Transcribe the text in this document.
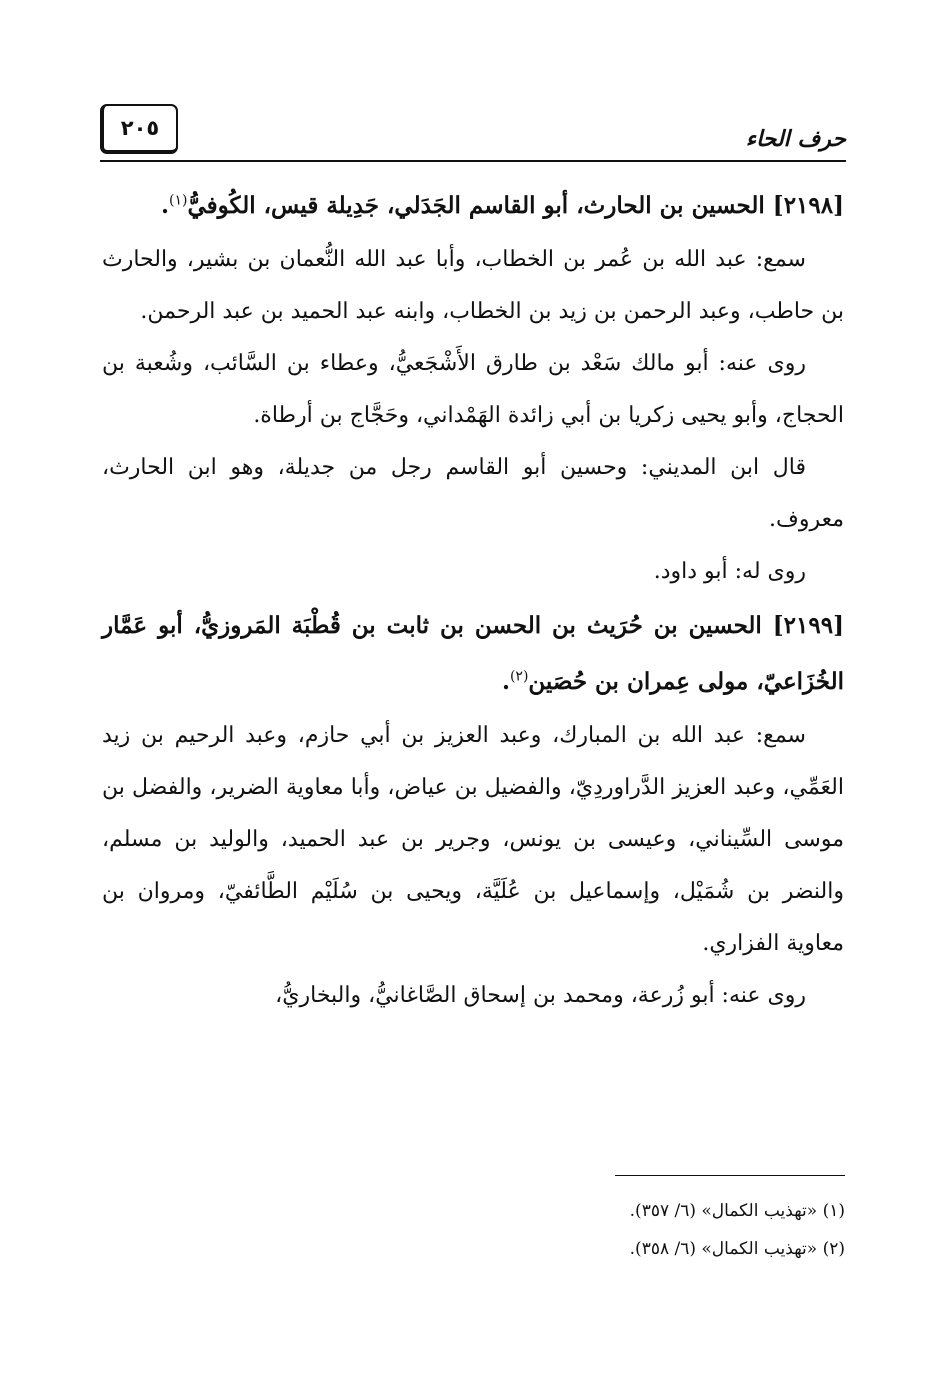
حرف الحاء
٢٠٥

[٢١٩٨] الحسين بن الحارث، أبو القاسم الجَدَلي، جَدِيلة قيس، الكُوفيُّ$^{(١)}$.

سمع: عبد الله بن عُمر بن الخطاب، وأبا عبد الله النُّعمان بن بشير، والحارث بن حاطب، وعبد الرحمن بن زيد بن الخطاب، وابنه عبد الحميد بن عبد الرحمن.

روى عنه: أبو مالك سَعْد بن طارق الأَشْجَعيُّ، وعطاء بن السَّائب، وشُعبة بن الحجاج، وأبو يحيى زكريا بن أبي زائدة الهَمْداني، وحَجَّاج بن أرطاة.

قال ابن المديني: وحسين أبو القاسم رجل من جديلة، وهو ابن الحارث، معروف.

روى له: أبو داود.

[٢١٩٩] الحسين بن حُرَيث بن الحسن بن ثابت بن قُطْبَة المَروزيُّ، أبو عَمَّار الخُزَاعيّ، مولى عِمران بن حُصَين$^{(٢)}$.

سمع: عبد الله بن المبارك، وعبد العزيز بن أبي حازم، وعبد الرحيم بن زيد العَمِّي، وعبد العزيز الدَّراوردِيّ، والفضيل بن عياض، وأبا معاوية الضرير، والفضل بن موسى السِّيناني، وعيسى بن يونس، وجرير بن عبد الحميد، والوليد بن مسلم، والنضر بن شُمَيْل، وإسماعيل بن عُلَيَّة، ويحيى بن سُلَيْم الطَّائفيّ، ومروان بن معاوية الفزاري.

روى عنه: أبو زُرعة، ومحمد بن إسحاق الصَّاغانيُّ، والبخاريُّ،

(١) «تهذيب الكمال» (٦/ ٣٥٧).

(٢) «تهذيب الكمال» (٦/ ٣٥٨).
